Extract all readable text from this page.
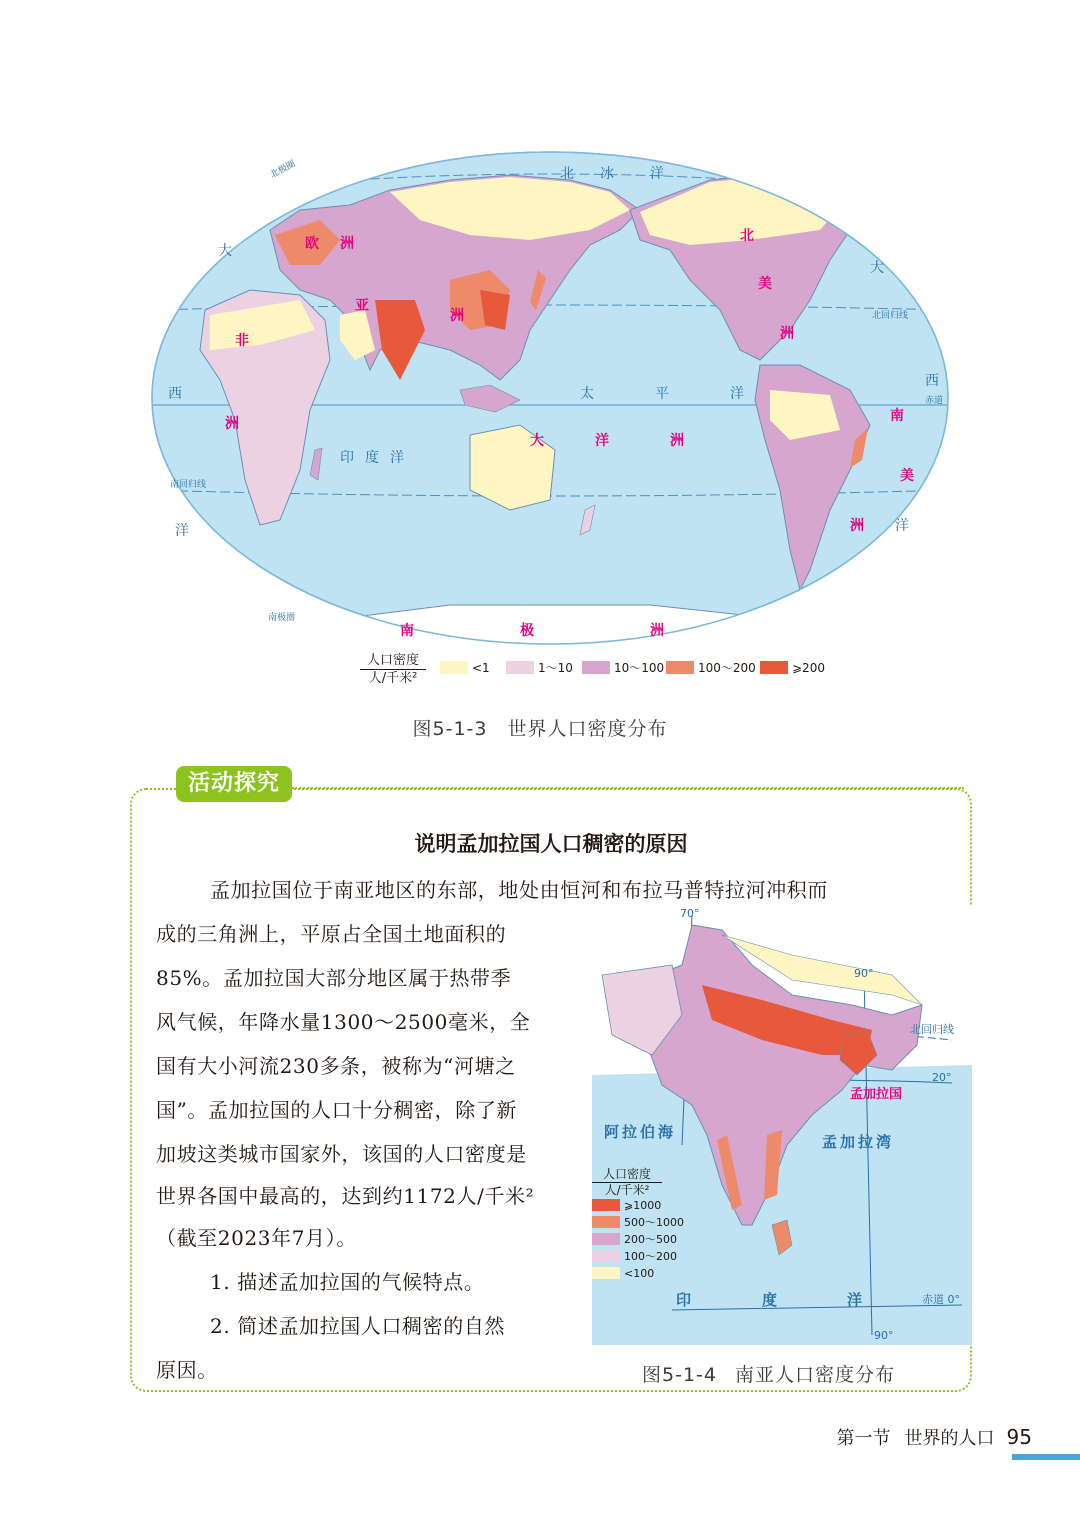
欧 洲
亚
洲
非
洲
北
美
洲
南
美
洲
大	洋	洲
南	极	洲
北 冰 洋
太	平	洋
印 度 洋
大
西
洋
大
西
洋
北极圈
北回归线
赤道
南回归线
南极圈
人口密度
人/千米²
<1	1～10	10～100	100～200	⩾200
图5-1-3 世界人口密度分布
活动探究
说明孟加拉国人口稠密的原因
孟加拉国位于南亚地区的东部，地处由恒河和布拉马普特拉河冲积而
成的三角洲上，平原占全国土地面积的
85%。孟加拉国大部分地区属于热带季
风气候，年降水量1300～2500毫米，全
国有大小河流230多条，被称为“河塘之
国”。孟加拉国的人口十分稠密，除了新
加坡这类城市国家外，该国的人口密度是
世界各国中最高的，达到约1172人/千米²
（截至2023年7月）。
1. 描述孟加拉国的气候特点。
2. 简述孟加拉国人口稠密的自然
原因。
70°
90°
90°
北回归线
20°
赤道 0°
孟加拉国
阿拉伯海
孟加拉湾
印	度	洋
人口密度
人/千米²
⩾1000
500～1000
200～500
100～200
<100
图5-1-4 南亚人口密度分布
第一节 世界的人口 95
